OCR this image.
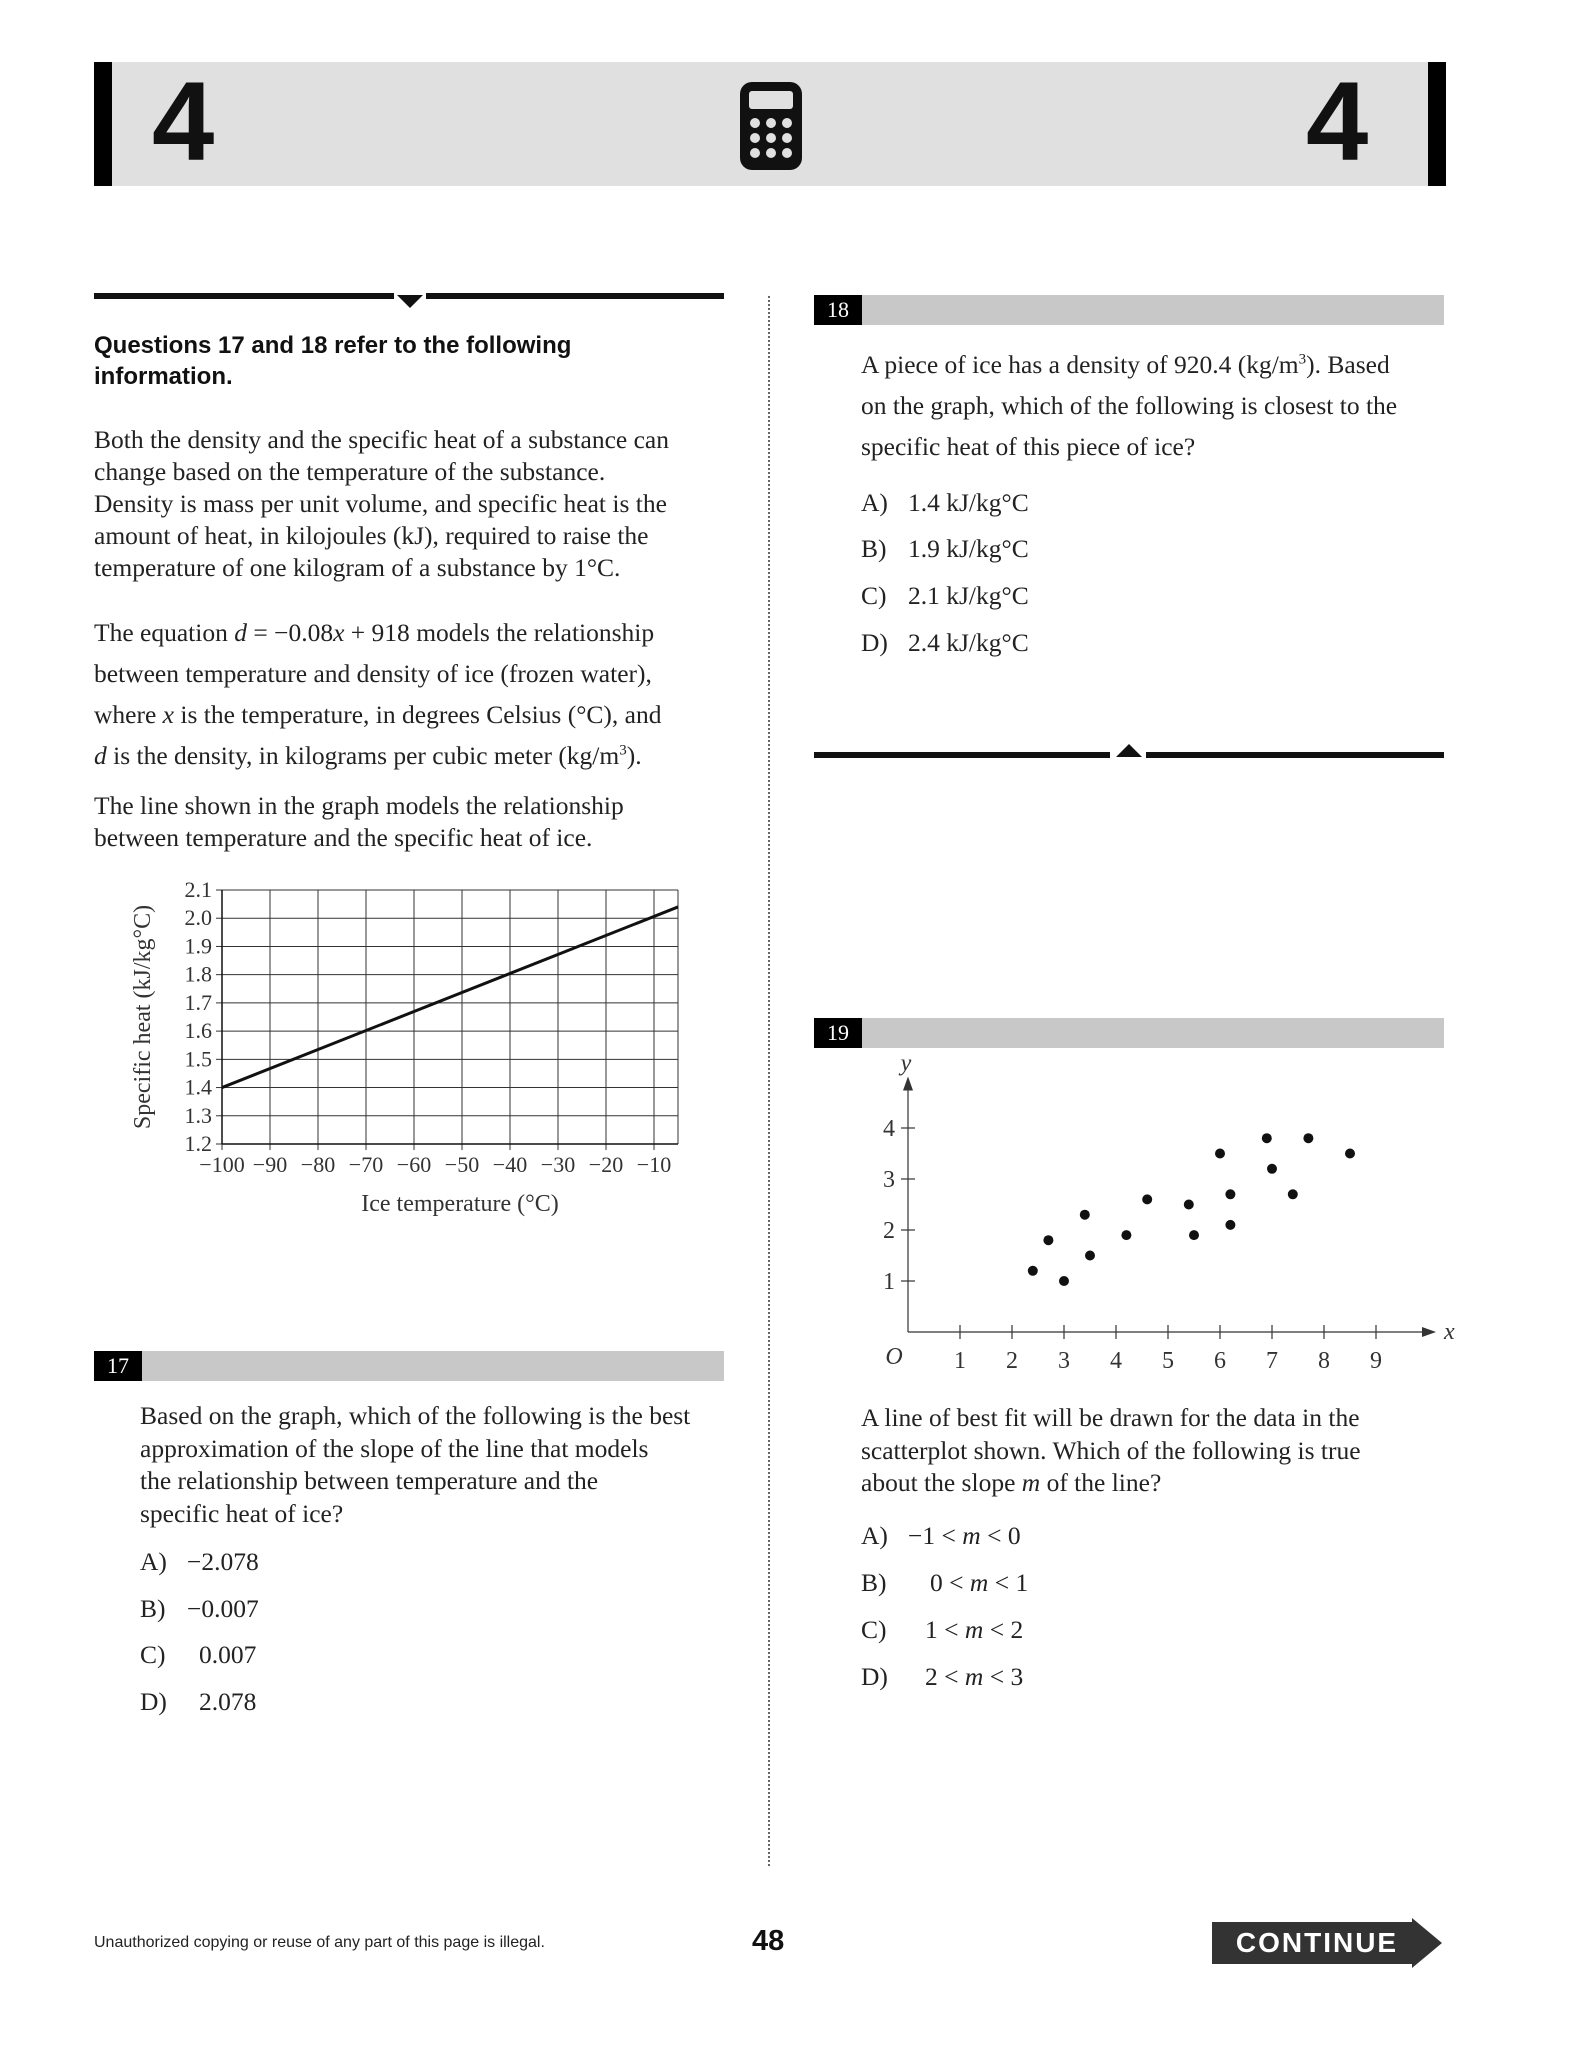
4	4
Questions 17 and 18 refer to the following
information.
Both the density and the specific heat of a substance can
change based on the temperature of the substance.
Density is mass per unit volume, and specific heat is the
amount of heat, in kilojoules (kJ), required to raise the
temperature of one kilogram of a substance by 1°C.
The equation d = −0.08x + 918 models the relationship
between temperature and density of ice (frozen water),
where x is the temperature, in degrees Celsius (°C), and
d is the density, in kilograms per cubic meter $(kg/m^3)$.
The line shown in the graph models the relationship
between temperature and the specific heat of ice.
1.2
1.3
1.4
1.5
1.6
1.7
1.8
1.9
2.0
2.1
−100 −90 −80 −70 −60 −50 −40 −30 −20 −10
Ice temperature (°C)
Specific heat (kJ/kg°C)
17
Based on the graph, which of the following is the best
approximation of the slope of the line that models
the relationship between temperature and the
specific heat of ice?
A) −2.078
B) −0.007
C) 0.007
D) 2.078
18
A piece of ice has a density of 920.4 $(kg/m^3)$. Based
on the graph, which of the following is closest to the
specific heat of this piece of ice?
A) 1.4 kJ/kg°C
B) 1.9 kJ/kg°C
C) 2.1 kJ/kg°C
D) 2.4 kJ/kg°C
19
x
y
O 1 2 3 4 5 6 7 8 9
1
2
3
4
A line of best fit will be drawn for the data in the
scatterplot shown. Which of the following is true
about the slope m of the line?
A) −1 < m < 0
B) 0 < m < 1
C) 1 < m < 2
D) 2 < m < 3
Unauthorized copying or reuse of any part of this page is illegal.	48	CONTINUE
